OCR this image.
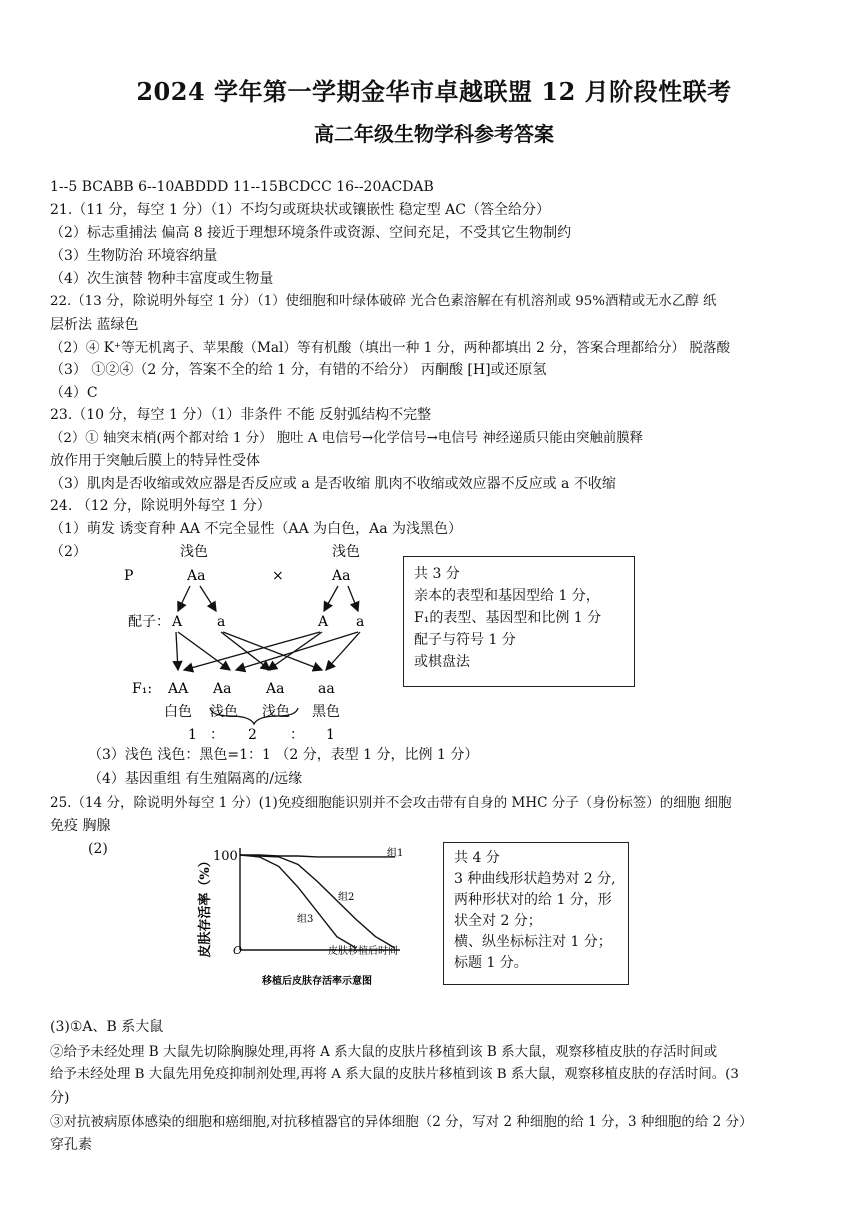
2024 学年第一学期金华市卓越联盟 12 月阶段性联考
高二年级生物学科参考答案
1--5 BCABB 6--10ABDDD 11--15BCDCC 16--20ACDAB
21.（11 分，每空 1 分）（1）不均匀或斑块状或镶嵌性 稳定型 AC（答全给分）
（2）标志重捕法 偏高 8 接近于理想环境条件或资源、空间充足，不受其它生物制约
（3）生物防治 环境容纳量
（4）次生演替 物种丰富度或生物量
22.（13 分，除说明外每空 1 分）（1）使细胞和叶绿体破碎 光合色素溶解在有机溶剂或 95%酒精或无水乙醇 纸
层析法 蓝绿色
（2）④ K⁺等无机离子、苹果酸（Mal）等有机酸（填出一种 1 分，两种都填出 2 分，答案合理都给分） 脱落酸
（3） ①②④（2 分，答案不全的给 1 分，有错的不给分） 丙酮酸 [H]或还原氢
（4）C
23.（10 分，每空 1 分）（1）非条件 不能 反射弧结构不完整
（2）① 轴突末梢(两个都对给 1 分） 胞吐 A 电信号→化学信号→电信号 神经递质只能由突触前膜释
放作用于突触后膜上的特异性受体
（3）肌肉是否收缩或效应器是否反应或 a 是否收缩 肌肉不收缩或效应器不反应或 a 不收缩
24. （12 分，除说明外每空 1 分）
（1）萌发 诱变育种 AA 不完全显性（AA 为白色，Aa 为浅黑色）
（2）	浅色	浅色
P	Aa	×	Aa
配子： A a	A a
F₁: AA Aa Aa aa
白色 浅色 浅色 黑色
1 ： 2 ： 1
共 3 分
亲本的表型和基因型给 1 分，
F₁的表型、基因型和比例 1 分
配子与符号 1 分
或棋盘法
（3）浅色 浅色：黑色=1：1 （2 分，表型 1 分，比例 1 分）
（4）基因重组 有生殖隔离的/远缘
25.（14 分，除说明外每空 1 分）(1)免疫细胞能识别并不会攻击带有自身的 MHC 分子（身份标签）的细胞 细胞
免疫 胸腺
(2)
皮肤存活率（%） 100
O	皮肤移植后时间
移植后皮肤存活率示意图
组1
组2
组3
共 4 分
3 种曲线形状趋势对 2 分,
两种形状对的给 1 分，形
状全对 2 分；
横、纵坐标标注对 1 分；
标题 1 分。
(3)①A、B 系大鼠
②给予未经处理 B 大鼠先切除胸腺处理,再将 A 系大鼠的皮肤片移植到该 B 系大鼠，观察移植皮肤的存活时间或
给予未经处理 B 大鼠先用免疫抑制剂处理,再将 A 系大鼠的皮肤片移植到该 B 系大鼠，观察移植皮肤的存活时间。(3
分)
③对抗被病原体感染的细胞和癌细胞,对抗移植器官的异体细胞（2 分，写对 2 种细胞的给 1 分，3 种细胞的给 2 分）
穿孔素
